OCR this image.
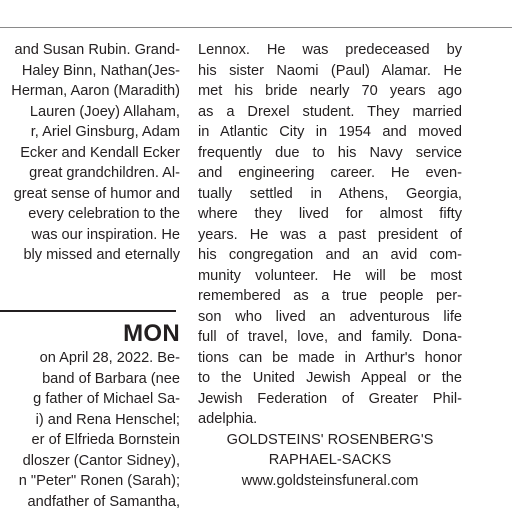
and Susan Rubin. Grand-
Haley Binn, Nathan(Jes-
Herman, Aaron (Maradith)
Lauren (Joey) Allaham,
r, Ariel Ginsburg, Adam
Ecker and Kendall Ecker
great grandchildren. Al-
great sense of humor and
every celebration to the
was our inspiration. He
bly missed and eternally
MON
on April 28, 2022. Be-
band of Barbara (nee
g father of Michael Sa-
i) and Rena Henschel;
er of Elfrieda Bornstein
dloszer (Cantor Sidney),
n "Peter" Ronen (Sarah);
andfather of Samantha,
Lennox. He was predeceased by
his sister Naomi (Paul) Alamar. He
met his bride nearly 70 years ago
as a Drexel student. They married
in Atlantic City in 1954 and moved
frequently due to his Navy service
and engineering career. He even-
tually settled in Athens, Georgia,
where they lived for almost fifty
years. He was a past president of
his congregation and an avid com-
munity volunteer. He will be most
remembered as a true people per-
son who lived an adventurous life
full of travel, love, and family. Dona-
tions can be made in Arthur's honor
to the United Jewish Appeal or the
Jewish Federation of Greater Phil-
adelphia.
GOLDSTEINS' ROSENBERG'S
RAPHAEL-SACKS
www.goldsteinsfuneral.com
